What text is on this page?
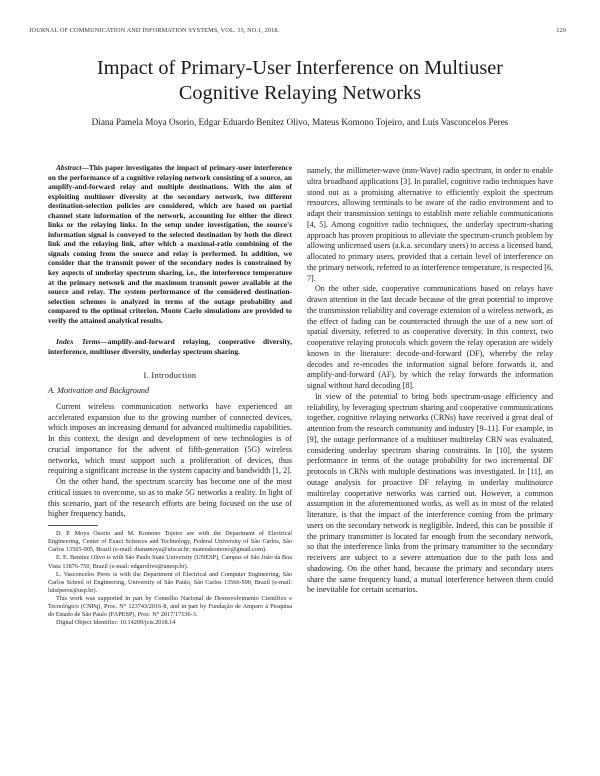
JOURNAL OF COMMUNICATION AND INFORMATION SYSTEMS, VOL. 33, NO.1, 2018.	129
Impact of Primary-User Interference on Multiuser
Cognitive Relaying Networks
Diana Pamela Moya Osorio, Edgar Eduardo Benitez Olivo, Mateus Komono Tojeiro, and Luís Vasconcelos Peres

Abstract—This paper investigates the impact of primary-user interference on the performance of a cognitive relaying network consisting of a source, an amplify-and-forward relay and multiple destinations. With the aim of exploiting multiuser diversity at the secondary network, two different destination-selection policies are considered, which are based on partial channel state information of the network, accounting for either the direct links or the relaying links. In the setup under investigation, the source's information signal is conveyed to the selected destination by both the direct link and the relaying link, after which a maximal-ratio combining of the signals coming from the source and relay is performed. In addition, we consider that the transmit power of the secondary nodes is constrained by key aspects of underlay spectrum sharing, i.e., the interference temperature at the primary network and the maximum transmit power available at the source and relay. The system performance of the considered destination-selection schemes is analyzed in terms of the outage probability and compared to the optimal criterion. Monte Carlo simulations are provided to verify the attained analytical results.

Index Terms—amplify-and-forward relaying, cooperative diversity, interference, multiuser diversity, underlay spectrum sharing.

I. Introduction
A. Motivation and Background

Current wireless communication networks have experienced an accelerated expansion due to the growing number of connected devices, which imposes an increasing demand for advanced multimedia capabilities. In this context, the design and development of new technologies is of crucial importance for the advent of fifth-generation (5G) wireless networks, which must support such a proliferation of devices, thus requiring a significant increase in the system capacity and bandwidth [1, 2].

On the other hand, the spectrum scarcity has become one of the most critical issues to overcome, so as to make 5G networks a reality. In light of this scenario, part of the research efforts are being focused on the use of higher frequency bands,

D. P. Moya Osorio and M. Komono Tojeiro are with the Department of Electrical Engineering, Center of Exact Sciences and Technology, Federal University of São Carlos, São Carlos 13565-905, Brazil (e-mail: dianamoya@ufscar.br; mateuskomono@gmail.com).

E. E. Benitez Olivo is with São Paulo State University (UNESP), Campus of São João da Boa Vista 13876-750, Brazil (e-mail: edgarolivo@unesp.br).

L. Vasconcelos Peres is with the Department of Electrical and Computer Engineering, São Carlos School of Engineering, University of São Paulo, São Carlos 13566-590, Brazil (e-mail: luisfperes@usp.br).

This work was supported in part by Conselho Nacional de Desenvolvimento Científico e Tecnológico (CNPq), Proc. N° 123743/2016-8, and in part by Fundação de Amparo à Pesquisa do Estado de São Paulo (FAPESP), Proc. N° 2017/17136-3.

Digital Object Identifier: 10.14209/jcis.2018.14

namely, the millimeter-wave (mm-Wave) radio spectrum, in order to enable ultra broadband applications [3]. In parallel, cognitive radio techniques have stood out as a promising alternative to efficiently exploit the spectrum resources, allowing terminals to be aware of the radio environment and to adapt their transmission settings to establish more reliable communications [4, 5]. Among cognitive radio techniques, the underlay spectrum-sharing approach has proven propitious to alleviate the spectrum-crunch problem by allowing unlicensed users (a.k.a. secondary users) to access a licensed band, allocated to primary users, provided that a certain level of interference on the primary network, referred to as interference temperature, is respected [6, 7].

On the other side, cooperative communications based on relays have drawn attention in the last decade because of the great potential to improve the transmission reliability and coverage extension of a wireless network, as the effect of fading can be counteracted through the use of a new sort of spatial diversity, referred to as cooperative diversity. In this context, two cooperative relaying protocols which govern the relay operation are widely known in the literature: decode-and-forward (DF), whereby the relay decodes and re-encodes the information signal before forwards it, and amplify-and-forward (AF), by which the relay forwards the information signal without hard decoding [8].

In view of the potential to bring both spectrum-usage efficiency and reliability, by leveraging spectrum sharing and cooperative communications together, cognitive relaying networks (CRNs) have received a great deal of attention from the research community and industry [9–11]. For example, in [9], the outage performance of a multiuser multirelay CRN was evaluated, considering underlay spectrum sharing constraints. In [10], the system performance in terms of the outage probability for two incremental DF protocols in CRNs with multiple destinations was investigated. In [11], an outage analysis for proactive DF relaying in underlay multisource multirelay cooperative networks was carried out. However, a common assumption in the aforementioned works, as well as in most of the related literature, is that the impact of the interference coming from the primary users on the secondary network is negligible. Indeed, this can be possible if the primary transmitter is located far enough from the secondary network, so that the interference links from the primary transmitter to the secondary receivers are subject to a severe attenuation due to the path loss and shadowing. On the other hand, because the primary and secondary users share the same frequency band, a mutual interference between them could be inevitable for certain scenarios.
